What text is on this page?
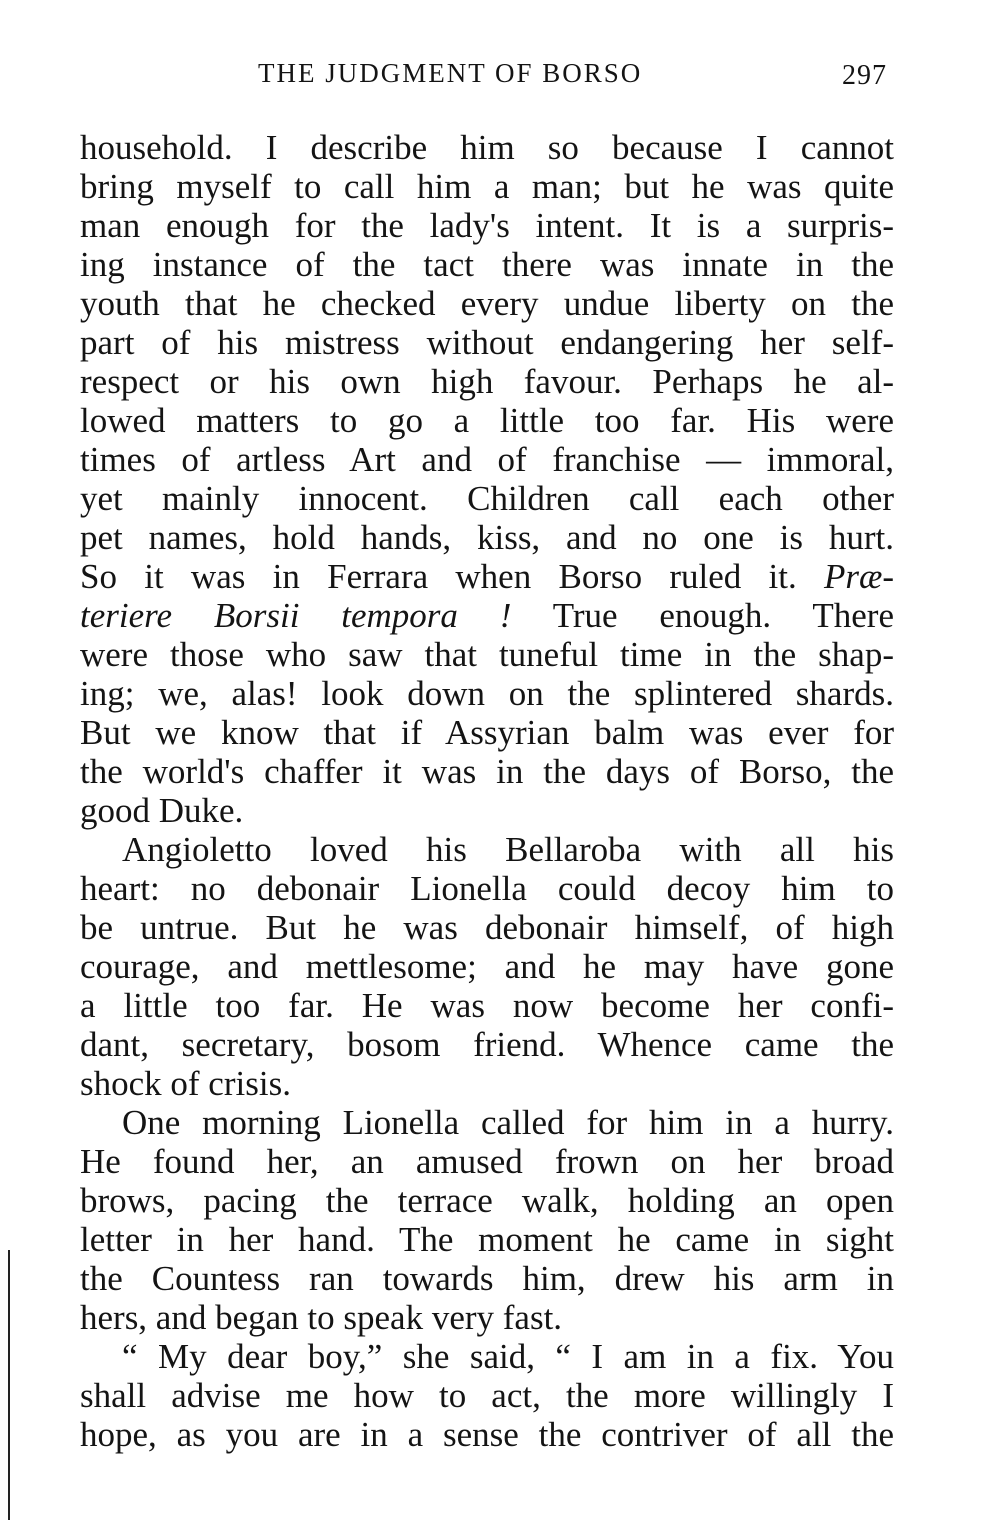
THE JUDGMENT OF BORSO	297
household. I describe him so because I cannot
bring myself to call him a man; but he was quite
man enough for the lady's intent. It is a surpris-
ing instance of the tact there was innate in the
youth that he checked every undue liberty on the
part of his mistress without endangering her self-
respect or his own high favour. Perhaps he al-
lowed matters to go a little too far. His were
times of artless Art and of franchise — immoral,
yet mainly innocent. Children call each other
pet names, hold hands, kiss, and no one is hurt.
So it was in Ferrara when Borso ruled it. Præ-
teriere Borsii tempora ! True enough. There
were those who saw that tuneful time in the shap-
ing; we, alas! look down on the splintered shards.
But we know that if Assyrian balm was ever for
the world's chaffer it was in the days of Borso, the
good Duke.
Angioletto loved his Bellaroba with all his
heart: no debonair Lionella could decoy him to
be untrue. But he was debonair himself, of high
courage, and mettlesome; and he may have gone
a little too far. He was now become her confi-
dant, secretary, bosom friend. Whence came the
shock of crisis.
One morning Lionella called for him in a hurry.
He found her, an amused frown on her broad
brows, pacing the terrace walk, holding an open
letter in her hand. The moment he came in sight
the Countess ran towards him, drew his arm in
hers, and began to speak very fast.
“ My dear boy,” she said, “ I am in a fix. You
shall advise me how to act, the more willingly I
hope, as you are in a sense the contriver of all the
